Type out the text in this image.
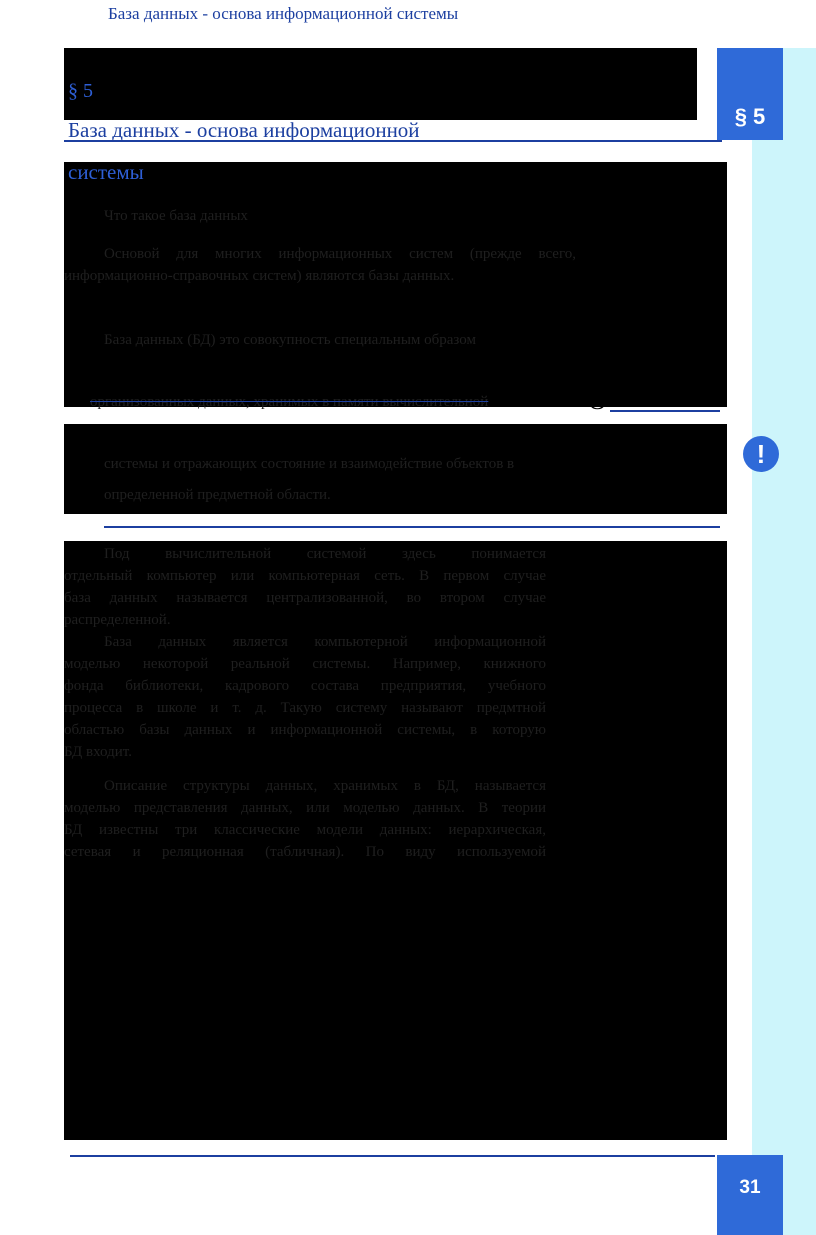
База данных - основа информационной системы
§ 5
!
31
§ 5
База данных - основа информационной
системы
Что такое база данных
Основой для многих информационных систем (прежде всего,
информационно-справочных систем) являются базы данных.
База данных (БД) это совокупность специальным образом
организованных данных, хранимых в памяти вычислительной	О
системы и отражающих состояние и взаимодействие объектов в
определенной предметной области.
Под вычислительной системой здесь понимается
отдельный компьютер или компьютерная сеть. В первом случае
база данных называется централизованной, во втором случае
распределенной.
База данных является компьютерной информационной
моделью некоторой реальной системы. Например, книжного
фонда библиотеки, кадрового состава предприятия, учебного
процесса в школе и т. д. Такую систему называют предмтной
областью базы данных и информационной системы, в которую
БД входит.
Описание структуры данных, хранимых в БД, называется
моделью представления данных, или моделью данных. В теории
БД известны три классические модели данных: иерархическая,
сетевая и реляционная (табличная). По виду используемой
